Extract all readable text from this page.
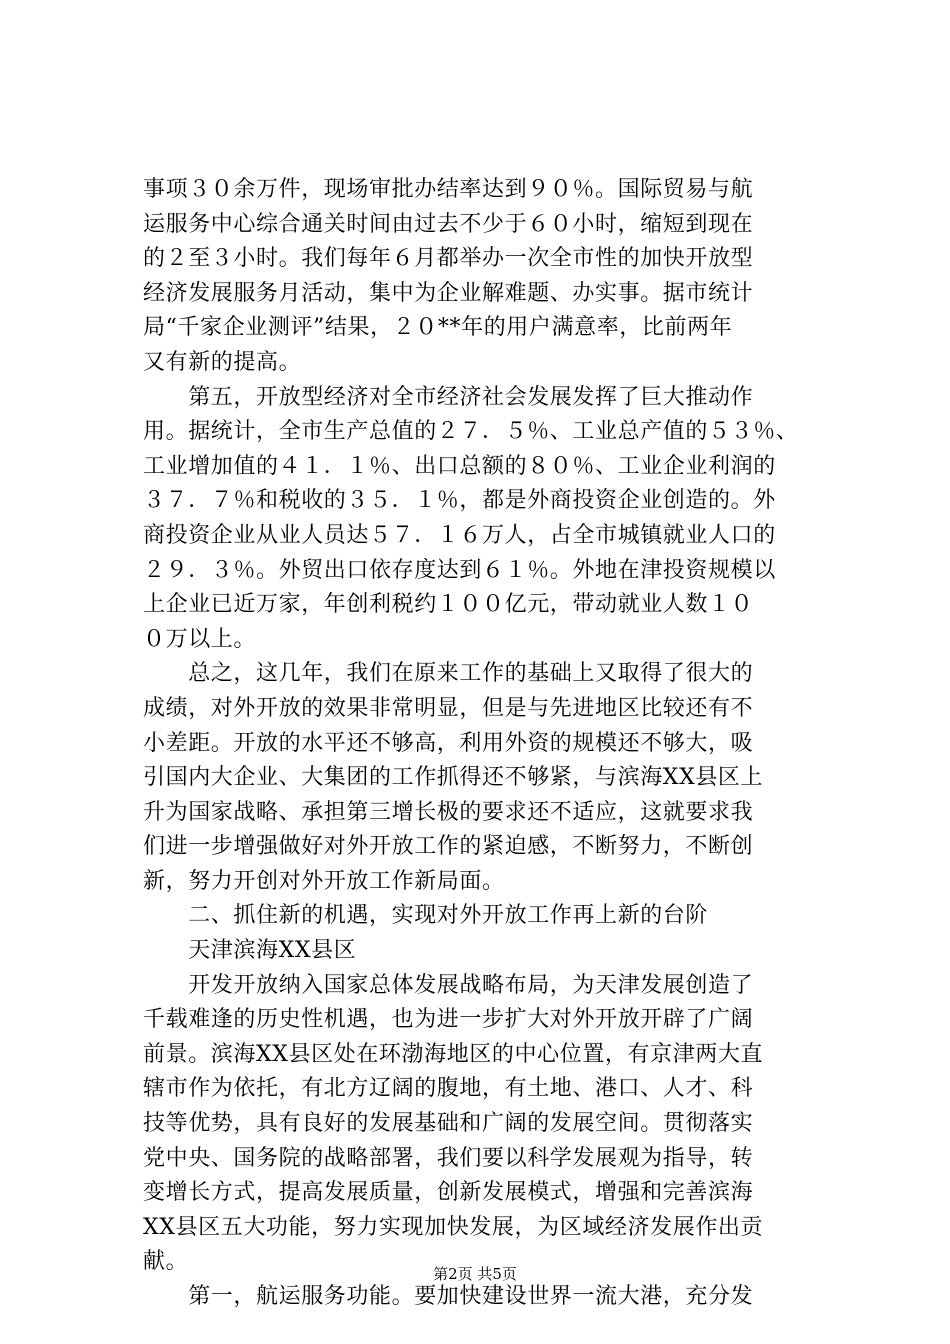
事项３０余万件，现场审批办结率达到９０％。国际贸易与航
运服务中心综合通关时间由过去不少于６０小时，缩短到现在
的２至３小时。我们每年６月都举办一次全市性的加快开放型
经济发展服务月活动，集中为企业解难题、办实事。据市统计
局“千家企业测评”结果，２０**年的用户满意率，比前两年
又有新的提高。
　　第五，开放型经济对全市经济社会发展发挥了巨大推动作
用。据统计，全市生产总值的２７．５％、工业总产值的５３％、
工业增加值的４１．１％、出口总额的８０％、工业企业利润的
３７．７％和税收的３５．１％，都是外商投资企业创造的。外
商投资企业从业人员达５７．１６万人，占全市城镇就业人口的
２９．３％。外贸出口依存度达到６１％。外地在津投资规模以
上企业已近万家，年创利税约１００亿元，带动就业人数１０
０万以上。
　　总之，这几年，我们在原来工作的基础上又取得了很大的
成绩，对外开放的效果非常明显，但是与先进地区比较还有不
小差距。开放的水平还不够高，利用外资的规模还不够大，吸
引国内大企业、大集团的工作抓得还不够紧，与滨海XX县区上
升为国家战略、承担第三增长极的要求还不适应，这就要求我
们进一步增强做好对外开放工作的紧迫感，不断努力，不断创
新，努力开创对外开放工作新局面。
　　二、抓住新的机遇，实现对外开放工作再上新的台阶
　　天津滨海XX县区
　　开发开放纳入国家总体发展战略布局，为天津发展创造了
千载难逢的历史性机遇，也为进一步扩大对外开放开辟了广阔
前景。滨海XX县区处在环渤海地区的中心位置，有京津两大直
辖市作为依托，有北方辽阔的腹地，有土地、港口、人才、科
技等优势，具有良好的发展基础和广阔的发展空间。贯彻落实
党中央、国务院的战略部署，我们要以科学发展观为指导，转
变增长方式，提高发展质量，创新发展模式，增强和完善滨海
XX县区五大功能，努力实现加快发展，为区域经济发展作出贡
献。
　　第一，航运服务功能。要加快建设世界一流大港，充分发
第2页 共5页
